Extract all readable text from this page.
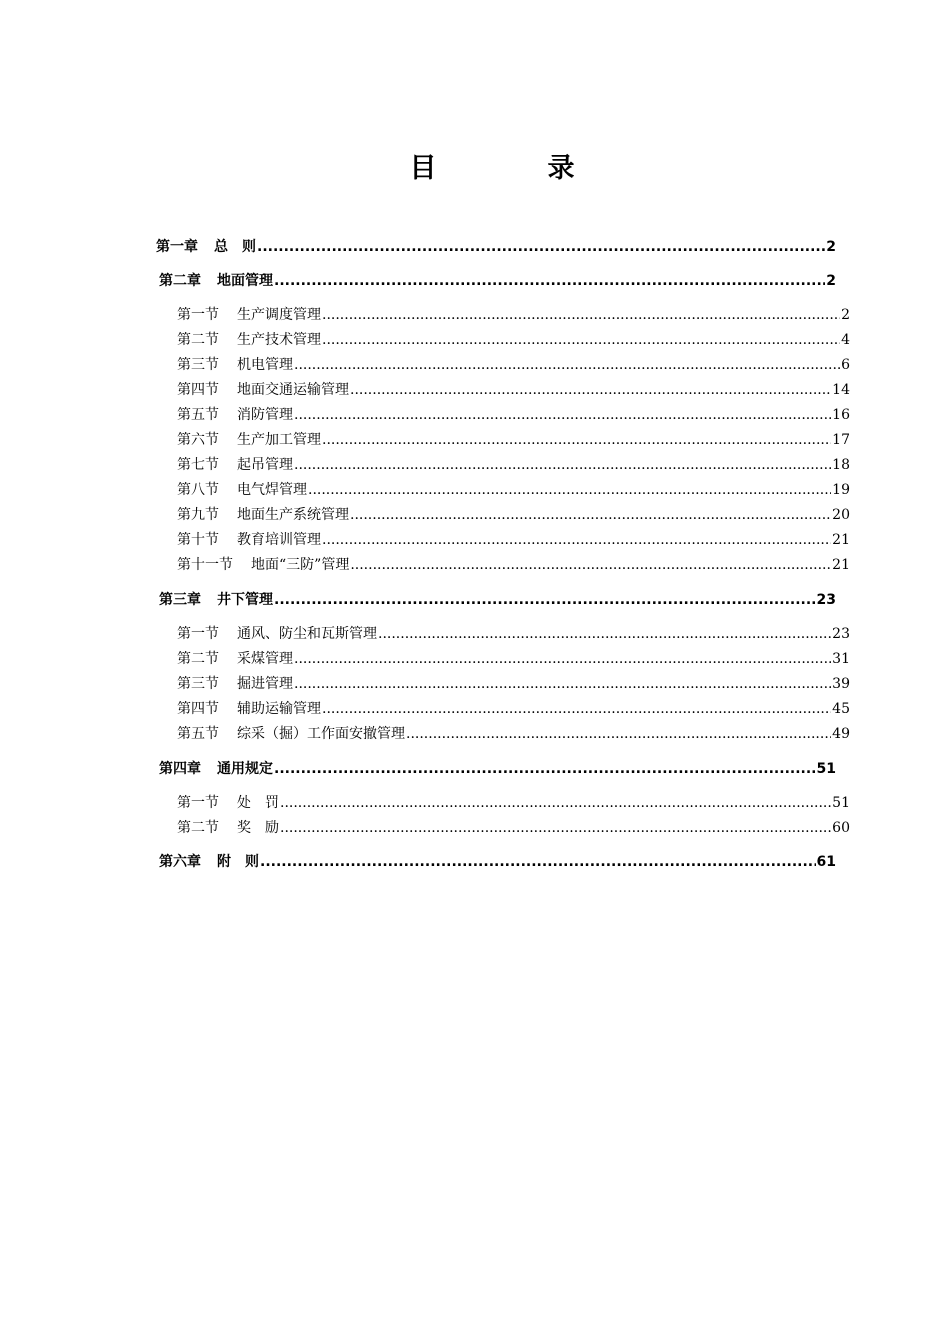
目　录
第一章 总　则 .....	2
第二章 地面管理 .....	2
第一节 生产调度管理 .....	2
第二节 生产技术管理 .....	4
第三节 机电管理 .....	6
第四节 地面交通运输管理 .....	14
第五节 消防管理 .....	16
第六节 生产加工管理 .....	17
第七节 起吊管理 .....	18
第八节 电气焊管理 .....	19
第九节 地面生产系统管理 .....	20
第十节 教育培训管理 .....	21
第十一节 地面“三防”管理 .....	21
第三章 井下管理 .....	23
第一节 通风、防尘和瓦斯管理 .....	23
第二节 采煤管理 .....	31
第三节 掘进管理 .....	39
第四节 辅助运输管理 .....	45
第五节 综采（掘）工作面安撤管理 .....	49
第四章 通用规定 .....	51
第一节 处　罚 .....	51
第二节 奖　励 .....	60
第六章 附　则 .....	61
